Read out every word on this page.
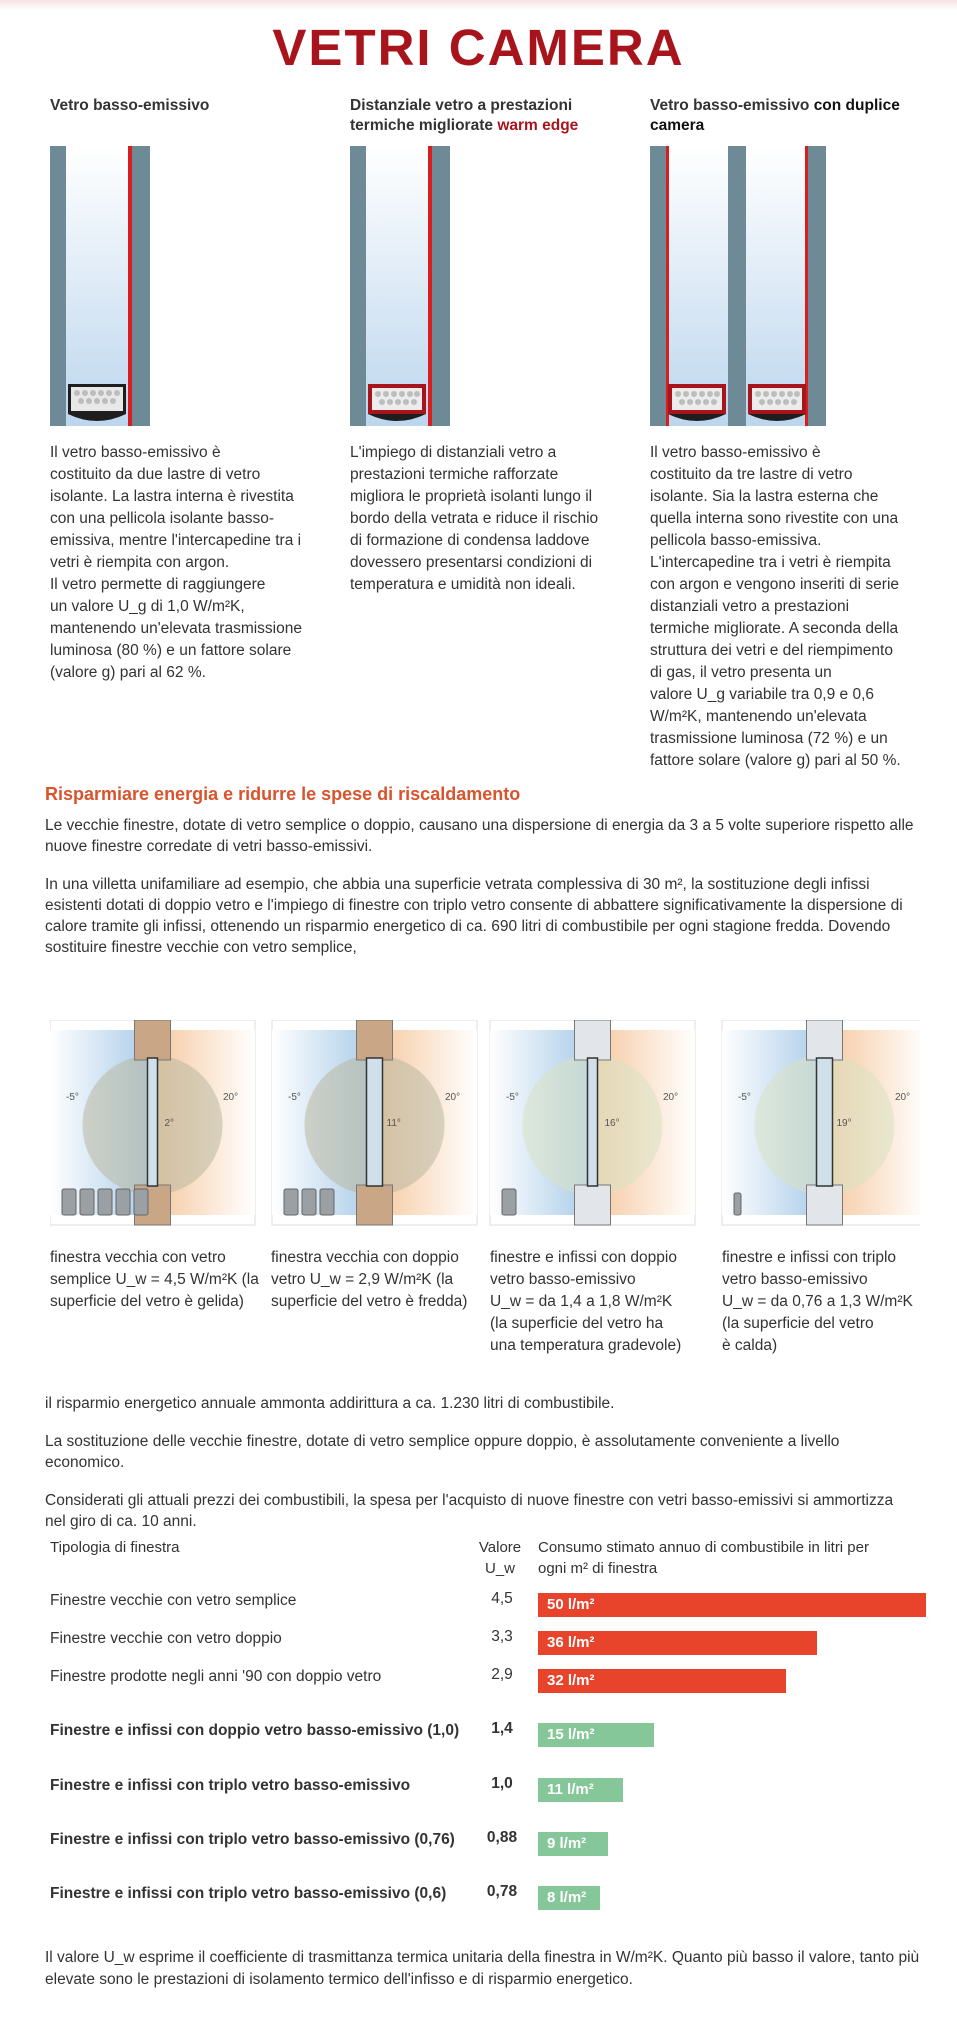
VETRI CAMERA
Vetro basso-emissivo
Il vetro basso-emissivo è
costituito da due lastre di vetro
isolante. La lastra interna è rivestita
con una pellicola isolante basso-
emissiva, mentre l'intercapedine tra i
vetri è riempita con argon.
Il vetro permette di raggiungere
un valore U_g di 1,0 W/m²K,
mantenendo un'elevata trasmissione
luminosa (80 %) e un fattore solare
(valore g) pari al 62 %.
Distanziale vetro a prestazioni termiche migliorate warm edge
L'impiego di distanziali vetro a
prestazioni termiche rafforzate
migliora le proprietà isolanti lungo il
bordo della vetrata e riduce il rischio
di formazione di condensa laddove
dovessero presentarsi condizioni di
temperatura e umidità non ideali.
Vetro basso-emissivo con duplice camera
Il vetro basso-emissivo è
costituito da tre lastre di vetro
isolante. Sia la lastra esterna che
quella interna sono rivestite con una
pellicola basso-emissiva.
L'intercapedine tra i vetri è riempita
con argon e vengono inseriti di serie
distanziali vetro a prestazioni
termiche migliorate. A seconda della
struttura dei vetri e del riempimento
di gas, il vetro presenta un
valore U_g variabile tra 0,9 e 0,6
W/m²K, mantenendo un'elevata
trasmissione luminosa (72 %) e un
fattore solare (valore g) pari al 50 %.
Risparmiare energia e ridurre le spese di riscaldamento

Le vecchie finestre, dotate di vetro semplice o doppio, causano una dispersione di energia da 3 a 5 volte superiore rispetto alle nuove finestre corredate di vetri basso-emissivi.

In una villetta unifamiliare ad esempio, che abbia una superficie vetrata complessiva di 30 m², la sostituzione degli infissi esistenti dotati di doppio vetro e l'impiego di finestre con triplo vetro consente di abbattere significativamente la dispersione di calore tramite gli infissi, ottenendo un risparmio energetico di ca. 690 litri di combustibile per ogni stagione fredda. Dovendo sostituire finestre vecchie con vetro semplice,

-5°
2°
20°	-5°
11°
20°	-5°
16°
20°	-5°
19°
20°
finestra vecchia con vetro
semplice U_w = 4,5 W/m²K (la
superficie del vetro è gelida)
finestra vecchia con doppio
vetro U_w = 2,9 W/m²K (la
superficie del vetro è fredda)
finestre e infissi con doppio
vetro basso-emissivo
U_w = da 1,4 a 1,8 W/m²K
(la superficie del vetro ha
una temperatura gradevole)
finestre e infissi con triplo
vetro basso-emissivo
U_w = da 0,76 a 1,3 W/m²K
(la superficie del vetro
è calda)

il risparmio energetico annuale ammonta addirittura a ca. 1.230 litri di combustibile.

La sostituzione delle vecchie finestre, dotate di vetro semplice oppure doppio, è assolutamente conveniente a livello economico.

Considerati gli attuali prezzi dei combustibili, la spesa per l'acquisto di nuove finestre con vetri basso-emissivi si ammortizza nel giro di ca. 10 anni.

Tipologia di finestra	Valore
U_w
Consumo stimato annuo di combustibile in litri per
ogni m² di finestra
Finestre vecchie con vetro semplice	4,5	50 l/m²
Finestre vecchie con vetro doppio	3,3	36 l/m²
Finestre prodotte negli anni '90 con doppio vetro	2,9	32 l/m²
Finestre e infissi con doppio vetro basso-emissivo (1,0)	1,4	15 l/m²
Finestre e infissi con triplo vetro basso-emissivo	1,0	11 l/m²
Finestre e infissi con triplo vetro basso-emissivo (0,76)	0,88	9 l/m²
Finestre e infissi con triplo vetro basso-emissivo (0,6)	0,78	8 l/m²

Il valore U_w esprime il coefficiente di trasmittanza termica unitaria della finestra in W/m²K. Quanto più basso il valore, tanto più elevate sono le prestazioni di isolamento termico dell'infisso e di risparmio energetico.
